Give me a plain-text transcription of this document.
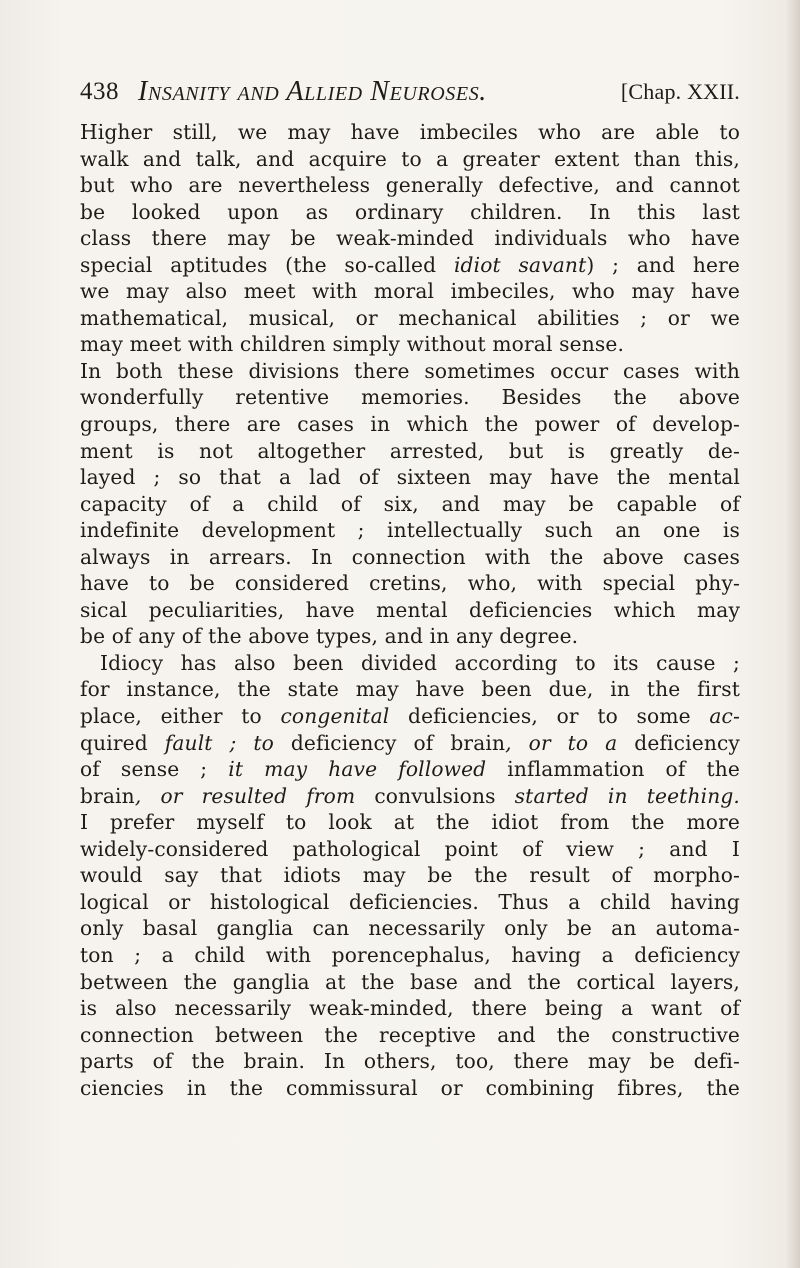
438 Insanity and Allied Neuroses.	[Chap. XXII.
Higher still, we may have imbeciles who are able to
walk and talk, and acquire to a greater extent than this,
but who are nevertheless generally defective, and cannot
be looked upon as ordinary children. In this last
class there may be weak-minded individuals who have
special aptitudes (the so-called idiot savant) ; and here
we may also meet with moral imbeciles, who may have
mathematical, musical, or mechanical abilities ; or we
may meet with children simply without moral sense.
In both these divisions there sometimes occur cases with
wonderfully retentive memories. Besides the above
groups, there are cases in which the power of develop-
ment is not altogether arrested, but is greatly de-
layed ; so that a lad of sixteen may have the mental
capacity of a child of six, and may be capable of
indefinite development ; intellectually such an one is
always in arrears. In connection with the above cases
have to be considered cretins, who, with special phy-
sical peculiarities, have mental deficiencies which may
be of any of the above types, and in any degree.
Idiocy has also been divided according to its cause ;
for instance, the state may have been due, in the first
place, either to congenital deficiencies, or to some ac-
quired fault ; to deficiency of brain, or to a deficiency
of sense ; it may have followed inflammation of the
brain, or resulted from convulsions started in teething.
I prefer myself to look at the idiot from the more
widely-considered pathological point of view ; and I
would say that idiots may be the result of morpho-
logical or histological deficiencies. Thus a child having
only basal ganglia can necessarily only be an automa-
ton ; a child with porencephalus, having a deficiency
between the ganglia at the base and the cortical layers,
is also necessarily weak-minded, there being a want of
connection between the receptive and the constructive
parts of the brain. In others, too, there may be defi-
ciencies in the commissural or combining fibres, the
